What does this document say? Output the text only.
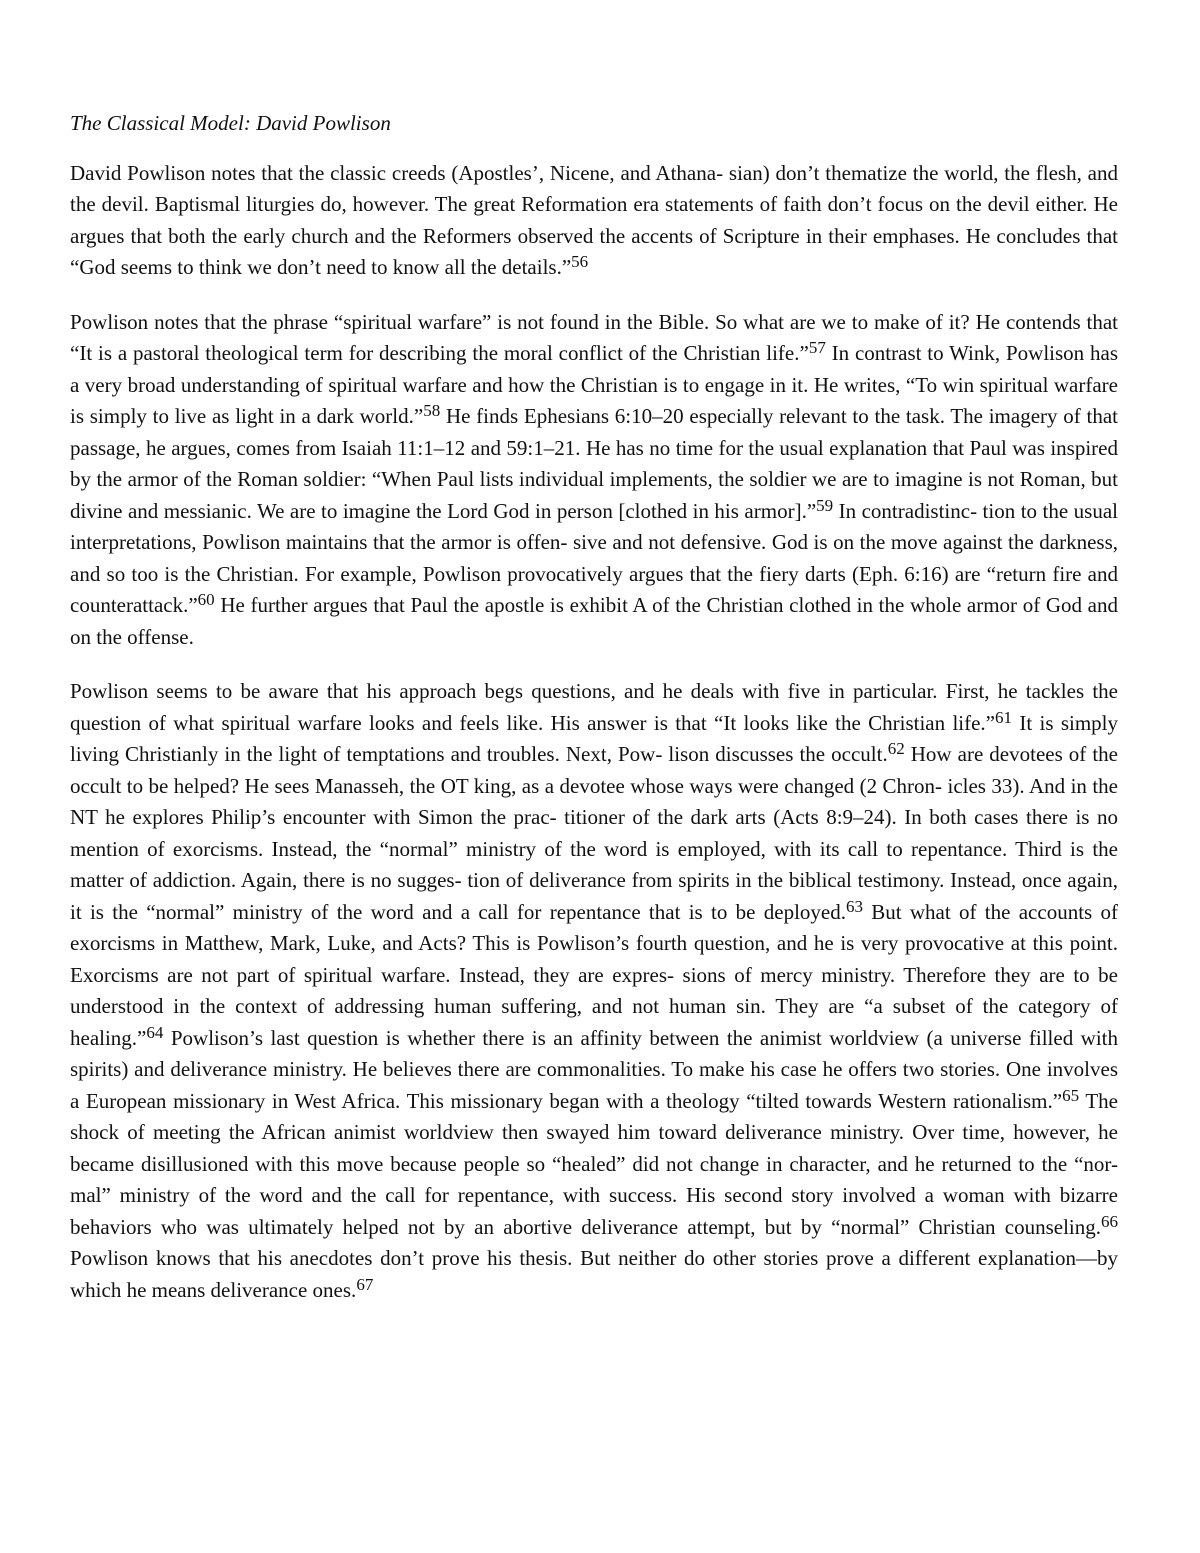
The Classical Model: David Powlison

David Powlison notes that the classic creeds (Apostles’, Nicene, and Athana- sian) don’t thematize the world, the flesh, and the devil. Baptismal liturgies do, however. The great Reformation era statements of faith don’t focus on the devil either. He argues that both the early church and the Reformers observed the accents of Scripture in their emphases. He concludes that “God seems to think we don’t need to know all the details.”$^{56}$

Powlison notes that the phrase “spiritual warfare” is not found in the Bible. So what are we to make of it? He contends that “It is a pastoral theological term for describing the moral conflict of the Christian life.”$^{57}$ In contrast to Wink, Powlison has a very broad understanding of spiritual warfare and how the Christian is to engage in it. He writes, “To win spiritual warfare is simply to live as light in a dark world.”$^{58}$ He finds Ephesians 6:10–20 especially relevant to the task. The imagery of that passage, he argues, comes from Isaiah 11:1–12 and 59:1–21. He has no time for the usual explanation that Paul was inspired by the armor of the Roman soldier: “When Paul lists individual implements, the soldier we are to imagine is not Roman, but divine and messianic. We are to imagine the Lord God in person [clothed in his armor].”$^{59}$ In contradistinc- tion to the usual interpretations, Powlison maintains that the armor is offen- sive and not defensive. God is on the move against the darkness, and so too is the Christian. For example, Powlison provocatively argues that the fiery darts (Eph. 6:16) are “return fire and counterattack.”$^{60}$ He further argues that Paul the apostle is exhibit A of the Christian clothed in the whole armor of God and on the offense.

Powlison seems to be aware that his approach begs questions, and he deals with five in particular. First, he tackles the question of what spiritual warfare looks and feels like. His answer is that “It looks like the Christian life.”$^{61}$ It is simply living Christianly in the light of temptations and troubles. Next, Pow- lison discusses the occult.$^{62}$ How are devotees of the occult to be helped? He sees Manasseh, the OT king, as a devotee whose ways were changed (2 Chron- icles 33). And in the NT he explores Philip’s encounter with Simon the prac- titioner of the dark arts (Acts 8:9–24). In both cases there is no mention of exorcisms. Instead, the “normal” ministry of the word is employed, with its call to repentance. Third is the matter of addiction. Again, there is no sugges- tion of deliverance from spirits in the biblical testimony. Instead, once again, it is the “normal” ministry of the word and a call for repentance that is to be deployed.$^{63}$ But what of the accounts of exorcisms in Matthew, Mark, Luke, and Acts? This is Powlison’s fourth question, and he is very provocative at this point. Exorcisms are not part of spiritual warfare. Instead, they are expres- sions of mercy ministry. Therefore they are to be understood in the context of addressing human suffering, and not human sin. They are “a subset of the category of healing.”$^{64}$ Powlison’s last question is whether there is an affinity between the animist worldview (a universe filled with spirits) and deliverance ministry. He believes there are commonalities. To make his case he offers two stories. One involves a European missionary in West Africa. This missionary began with a theology “tilted towards Western rationalism.”$^{65}$ The shock of meeting the African animist worldview then swayed him toward deliverance ministry. Over time, however, he became disillusioned with this move because people so “healed” did not change in character, and he returned to the “nor- mal” ministry of the word and the call for repentance, with success. His second story involved a woman with bizarre behaviors who was ultimately helped not by an abortive deliverance attempt, but by “normal” Christian counseling.$^{66}$ Powlison knows that his anecdotes don’t prove his thesis. But neither do other stories prove a different explanation—by which he means deliverance ones.$^{67}$
